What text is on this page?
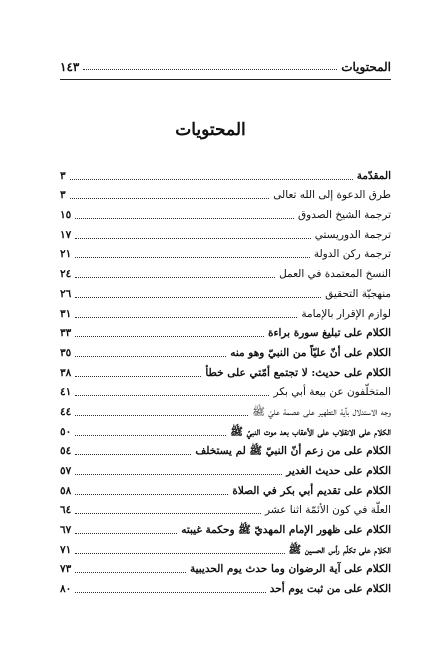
المحتويات
١٤٣
المحتويات
المقدّمة
٣
طرق الدعوة إلى الله تعالى
٣
ترجمة الشيخ الصدوق
١٥
ترجمة الدوريستي
١٧
ترجمة ركن الدولة
٢١
النسخ المعتمدة في العمل
٢٤
منهجيّة التحقيق
٢٦
لوازم الإقرار بالإمامة
٣١
الكلام على تبليغ سورة براءة
٣٣
الكلام على أنّ عليّاً من النبيّ وهو منه
٣٥
الكلام على حديث: لا تجتمع أمّتي على خطأ
٣٨
المتخلّفون عن بيعة أبي بكر
٤١
وجه الاستدلال بآية التطهير على عصمة عليّ ﷺ
٤٤
الكلام على الانقلاب على الأعقاب بعد موت النبيّ ﷺ
٥٠
الكلام على من زعم أنّ النبيّ ﷺ لم يستخلف
٥٤
الكلام على حديث الغدير
٥٧
الكلام على تقديم أبي بكر في الصلاة
٥٨
العلّة في كون الأئمّة اثنا عشر
٦٤
الكلام على ظهور الإمام المهديّ ﷺ وحكمة غيبته
٦٧
الكلام على تكلّم رأس الحسين ﷺ
٧١
الكلام على آية الرضوان وما حدث يوم الحديبية
٧٣
الكلام على من ثبت يوم أحد
٨٠
